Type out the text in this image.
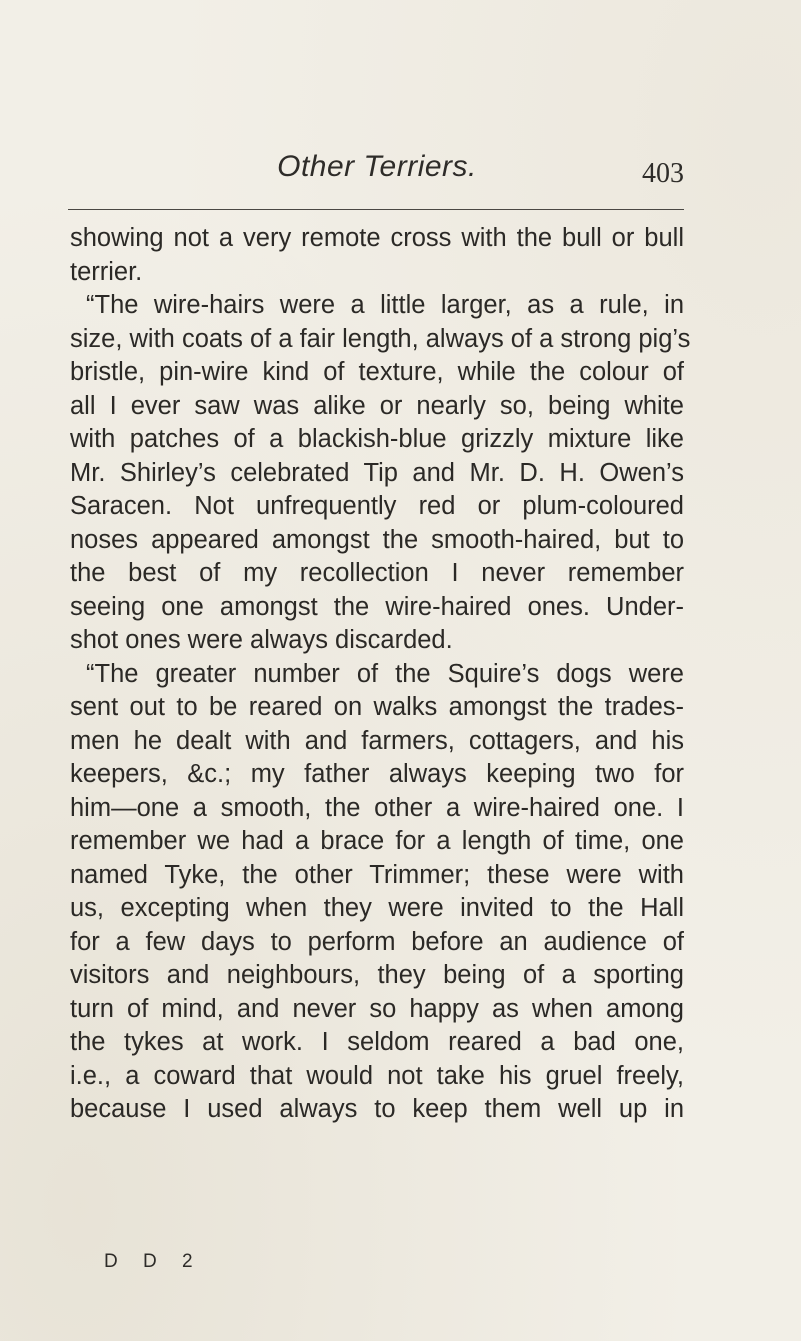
Other Terriers.	403
showing not a very remote cross with the bull or bull
terrier.
“The wire-hairs were a little larger, as a rule, in
size, with coats of a fair length, always of a strong pig’s
bristle, pin-wire kind of texture, while the colour of
all I ever saw was alike or nearly so, being white
with patches of a blackish-blue grizzly mixture like
Mr. Shirley’s celebrated Tip and Mr. D. H. Owen’s
Saracen. Not unfrequently red or plum-coloured
noses appeared amongst the smooth-haired, but to
the best of my recollection I never remember
seeing one amongst the wire-haired ones. Under-
shot ones were always discarded.
“The greater number of the Squire’s dogs were
sent out to be reared on walks amongst the trades-
men he dealt with and farmers, cottagers, and his
keepers, &c.; my father always keeping two for
him—one a smooth, the other a wire-haired one. I
remember we had a brace for a length of time, one
named Tyke, the other Trimmer; these were with
us, excepting when they were invited to the Hall
for a few days to perform before an audience of
visitors and neighbours, they being of a sporting
turn of mind, and never so happy as when among
the tykes at work. I seldom reared a bad one,
i.e., a coward that would not take his gruel freely,
because I used always to keep them well up in
D D 2
